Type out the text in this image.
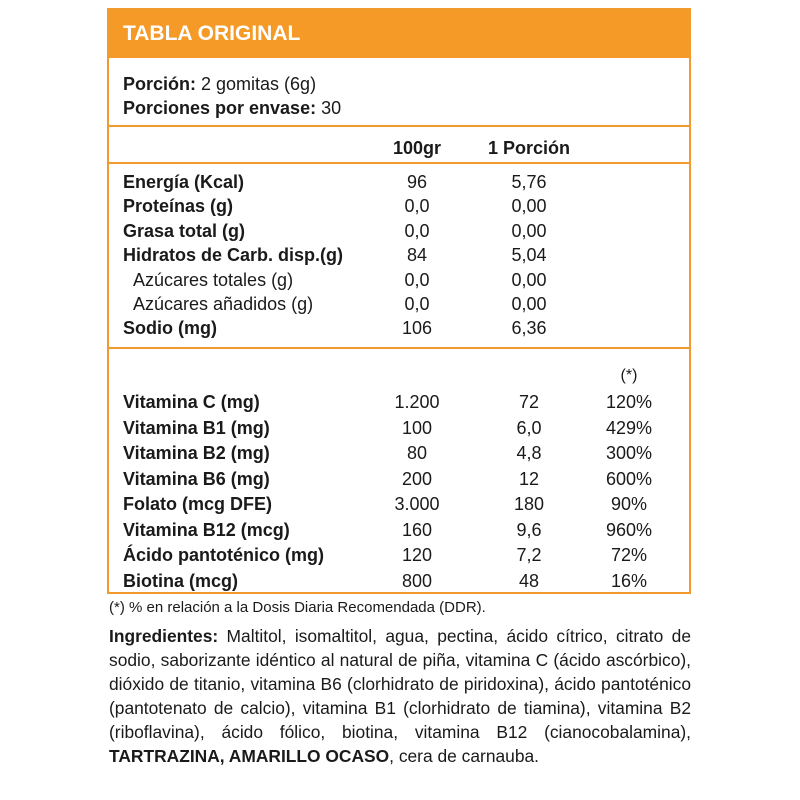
TABLA ORIGINAL
Porción: 2 gomitas (6g)
Porciones por envase: 30
100gr	1 Porción
Energía (Kcal)	96	5,76
Proteínas (g)	0,0	0,00
Grasa total (g)	0,0	0,00
Hidratos de Carb. disp.(g)	84	5,04
Azúcares totales (g)	0,0	0,00
Azúcares añadidos (g)	0,0	0,00
Sodio (mg)	106	6,36
(*)
Vitamina C (mg)	1.200	72	120%
Vitamina B1 (mg)	100	6,0	429%
Vitamina B2 (mg)	80	4,8	300%
Vitamina B6 (mg)	200	12	600%
Folato (mcg DFE)	3.000	180	90%
Vitamina B12 (mcg)	160	9,6	960%
Ácido pantoténico (mg)	120	7,2	72%
Biotina (mcg)	800	48	16%
(*) % en relación a la Dosis Diaria Recomendada (DDR).
Ingredientes: Maltitol, isomaltitol, agua, pectina, ácido cítrico, citrato de sodio, saborizante idéntico al natural de piña, vitamina C (ácido ascórbico), dióxido de titanio, vitamina B6 (clorhidrato de piridoxina), ácido pantoténico (pantotenato de calcio), vitamina B1 (clorhidrato de tiamina), vitamina B2 (riboflavina), ácido fólico, biotina, vitamina B12 (cianocobalamina), TARTRAZINA, AMARILLO OCASO, cera de carnauba.
